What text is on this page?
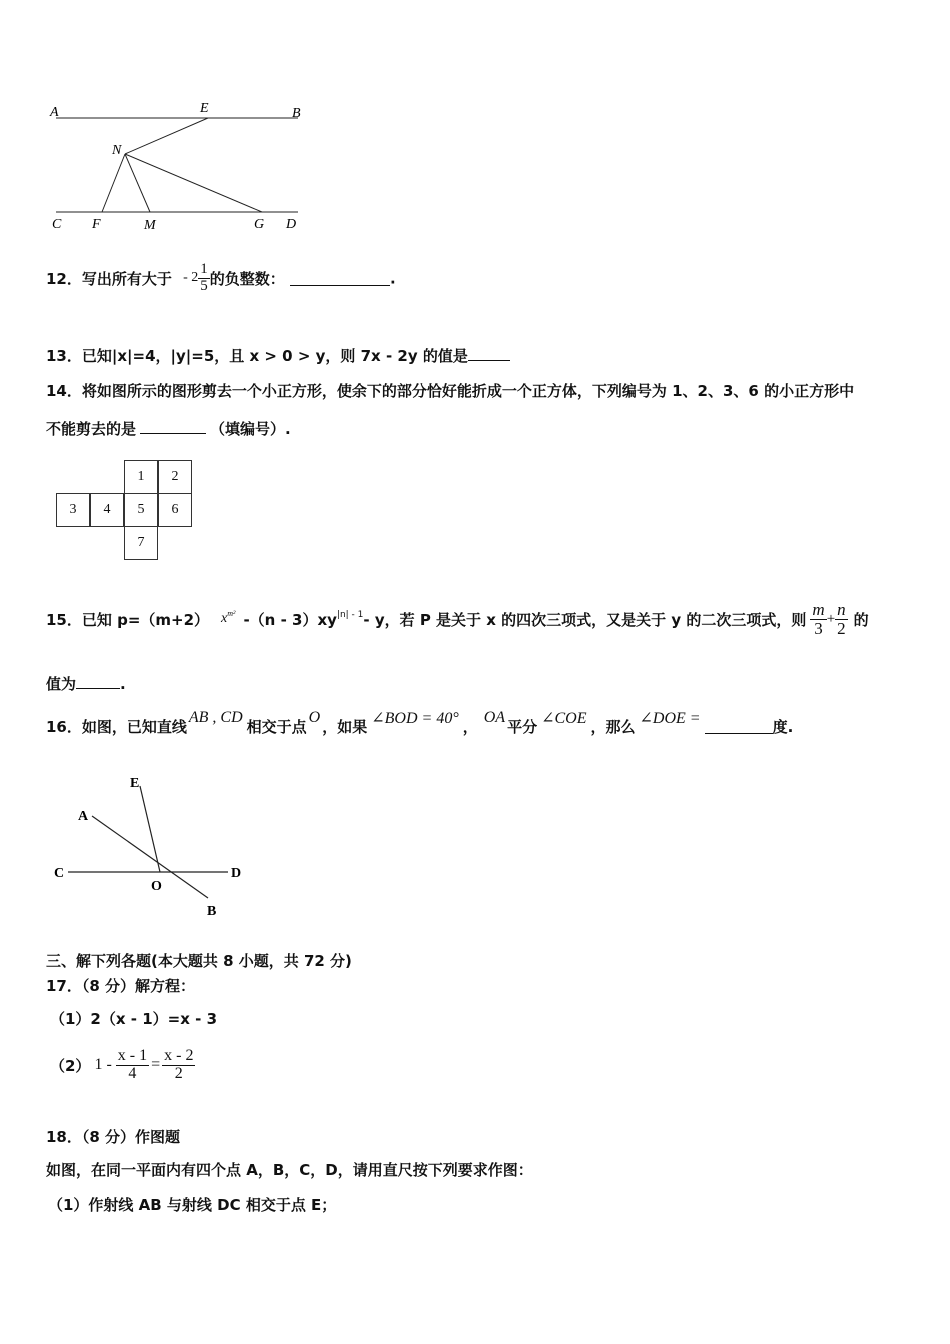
A	E	B
N
C F	M	G D
12．写出所有大于 - $2 \frac{1}{5}$ 的负整数：	.
13．已知|x|=4，|y|=5，且 x > 0 > y，则 7x - 2y 的值是
14．将如图所示的图形剪去一个小正方形，使余下的部分恰好能折成一个正方体，下列编号为 1、2、3、6 的小正方形中
不能剪去的是	（填编号）.
1	2
3	4	5	6
7
15．已知 p=（m+2） $x^{m^2}$ $-(n - 3)xy^{|n| - 1}$ - y，若 P 是关于 x 的四次三项式，又是关于 y 的二次三项式，则 $\frac{m}{3} + \frac{n}{2}$ 的
值为	.
16．如图，已知直线 AB , CD 相交于点 O ，如果 ∠BOD = 40° ， OA 平分 ∠COE ，那么 ∠DOE =	度.
E
A
C
O
D
B
三、解下列各题(本大题共 8 小题，共 72 分)
17．（8 分）解方程：
（1）2（x - 1）=x - 3
（2） $1 - \frac{x - 1}{4} = \frac{x - 2}{2}$
18．（8 分）作图题
如图，在同一平面内有四个点 A，B，C，D，请用直尺按下列要求作图：
（1）作射线 AB 与射线 DC 相交于点 E；
